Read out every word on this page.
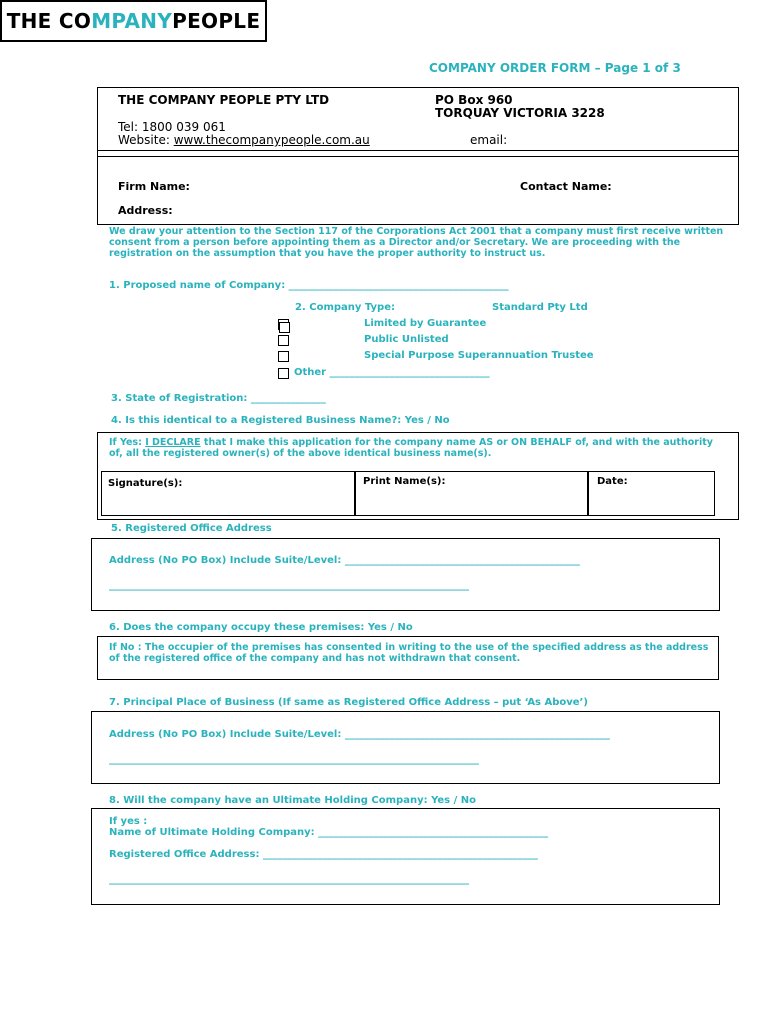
THE CO MPANY PEOPLE
COMPANY ORDER FORM – Page 1 of 3
THE COMPANY PEOPLE PTY LTD	PO Box 960
TORQUAY VICTORIA 3228
Tel: 1800 039 061
Website: www.thecompanypeople.com.au	email:
Firm Name:	Contact Name:
Address:
We draw your attention to the Section 117 of the Corporations Act 2001 that a company must first receive written consent from a person before appointing them as a Director and/or Secretary. We are proceeding with the registration on the assumption that you have the proper authority to instruct us.
1. Proposed name of Company: ____________________________________________
2. Company Type:	Standard Pty Ltd
Limited by Guarantee
Public Unlisted
Special Purpose Superannuation Trustee
Other ________________________________
3. State of Registration: _______________
4. Is this identical to a Registered Business Name?: Yes / No
If Yes: I DECLARE that I make this application for the company name AS or ON BEHALF of, and with the authority of, all the registered owner(s) of the above identical business name(s).
Signature(s):	Print Name(s):	Date:
5. Registered Office Address
Address (No PO Box) Include Suite/Level: _______________________________________________
________________________________________________________________________
6. Does the company occupy these premises: Yes / No
If No : The occupier of the premises has consented in writing to the use of the specified address as the address of the registered office of the company and has not withdrawn that consent.
7. Principal Place of Business (If same as Registered Office Address – put ‘As Above’)
Address (No PO Box) Include Suite/Level: _____________________________________________________
__________________________________________________________________________
8. Will the company have an Ultimate Holding Company: Yes / No
If yes :
Name of Ultimate Holding Company: ______________________________________________
Registered Office Address: _______________________________________________________
________________________________________________________________________
